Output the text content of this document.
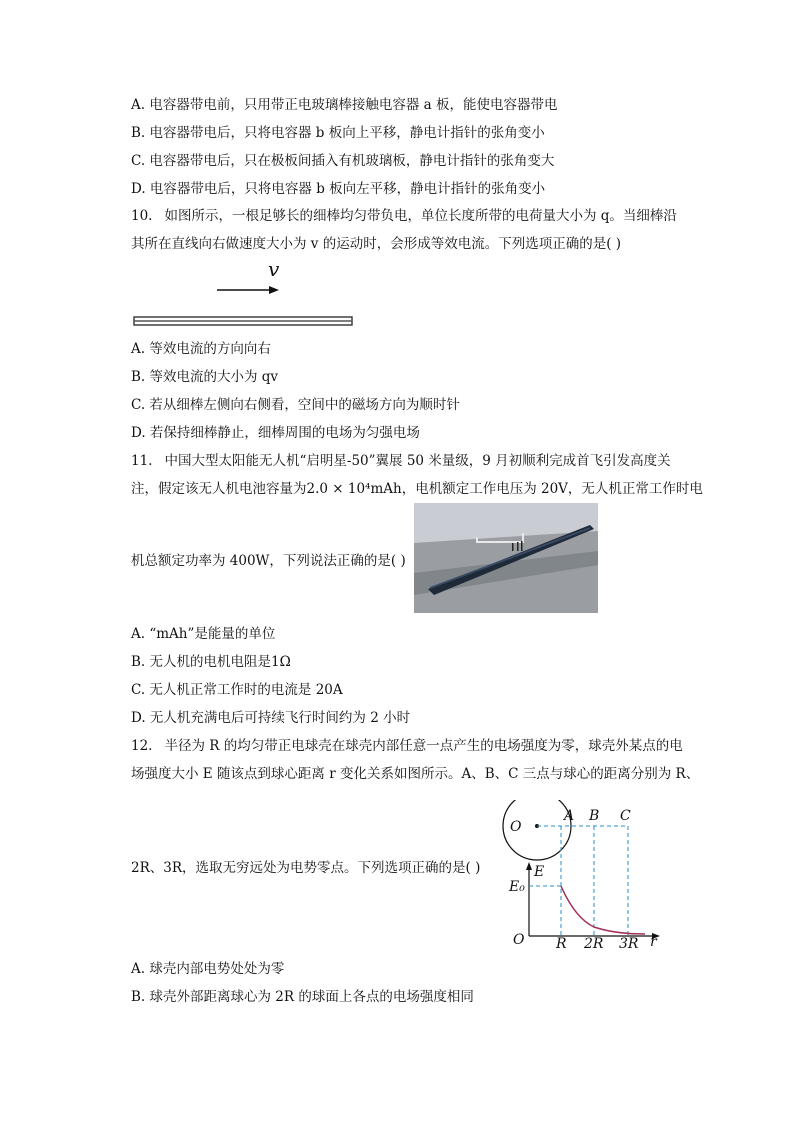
A. 电容器带电前，只用带正电玻璃棒接触电容器 a 板，能使电容器带电
B. 电容器带电后，只将电容器 b 板向上平移，静电计指针的张角变小
C. 电容器带电后，只在极板间插入有机玻璃板，静电计指针的张角变大
D. 电容器带电后，只将电容器 b 板向左平移，静电计指针的张角变小
10. 如图所示，一根足够长的细棒均匀带负电，单位长度所带的电荷量大小为 q。当细棒沿
其所在直线向右做速度大小为 v 的运动时，会形成等效电流。下列选项正确的是( )
v
A. 等效电流的方向向右
B. 等效电流的大小为 qv
C. 若从细棒左侧向右侧看，空间中的磁场方向为顺时针
D. 若保持细棒静止，细棒周围的电场为匀强电场
11. 中国大型太阳能无人机“启明星-50”翼展 50 米量级，9 月初顺利完成首飞引发高度关
注，假定该无人机电池容量为2.0 × 10⁴mAh，电机额定工作电压为 20V，无人机正常工作时电
机总额定功率为 400W，下列说法正确的是( )
A. “mAh”是能量的单位
B. 无人机的电机电阻是1Ω
C. 无人机正常工作时的电流是 20A
D. 无人机充满电后可持续飞行时间约为 2 小时
12. 半径为 R 的均匀带正电球壳在球壳内部任意一点产生的电场强度为零，球壳外某点的电
场强度大小 E 随该点到球心距离 r 变化关系如图所示。A、B、C 三点与球心的距离分别为 R、
2R、3R，选取无穷远处为电势零点。下列选项正确的是( )
O
A B C
E
E₀
O R 2R 3R r
A. 球壳内部电势处处为零
B. 球壳外部距离球心为 2R 的球面上各点的电场强度相同
